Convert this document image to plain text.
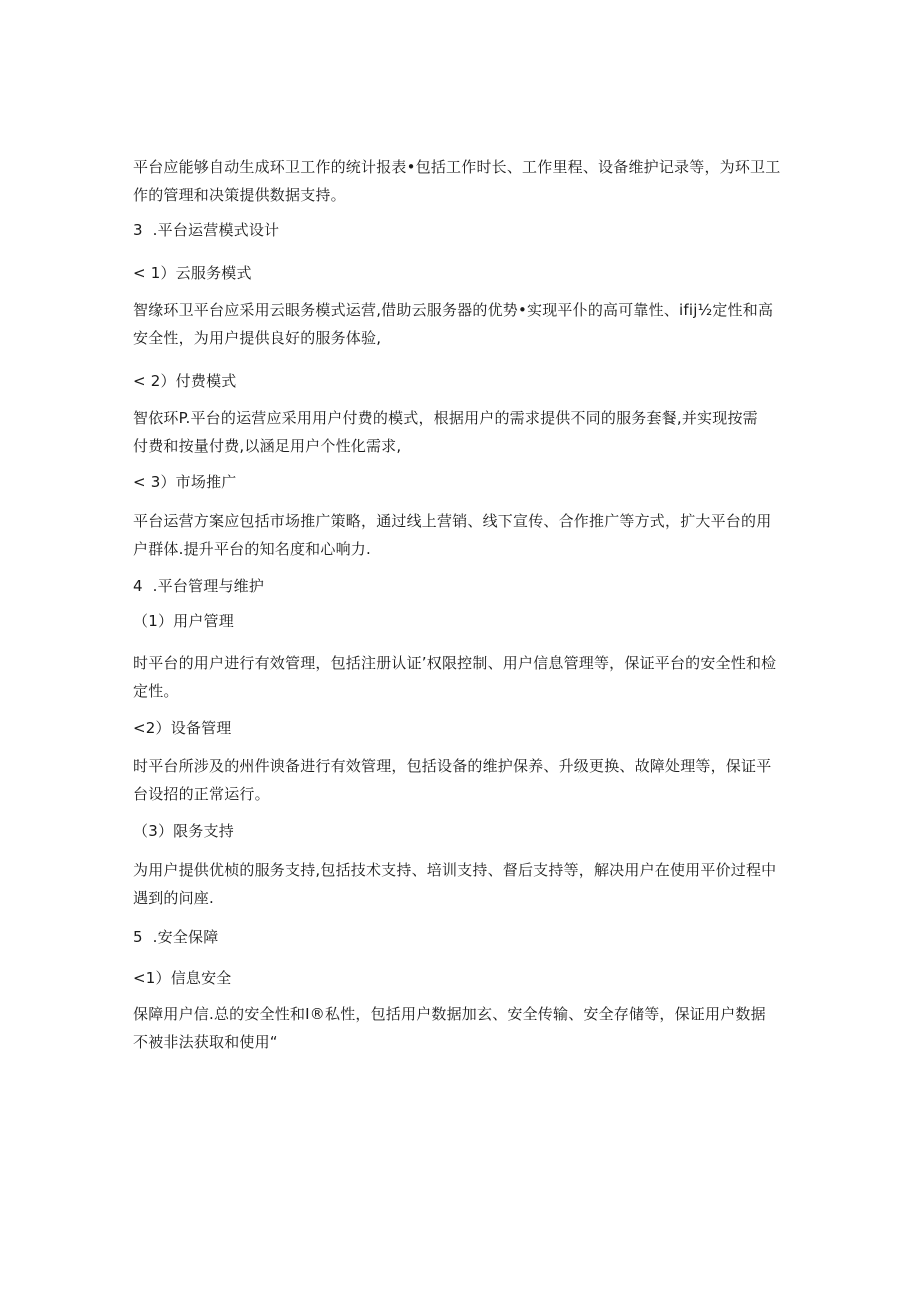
平台应能够自动生成环卫工作的统计报表•包括工作时长、工作里程、设备维护记录等，为环卫工
作的管理和决策提供数据支持。
3  .平台运营模式设计
< 1）云服务模式
智缘环卫平台应采用云眼务模式运营,借助云服务器的优势•实现平仆的高可靠性、ifij½定性和高
安全性，为用户提供良好的服务体验,
< 2）付费模式
智依环P.平台的运营应采用用户付费的模式，根据用户的需求提供不同的服务套餐,并实现按需
付费和按量付费,以涵足用户个性化需求,
< 3）市场推广
平台运营方案应包括市场推广策略，通过线上营销、线下宣传、合作推广等方式，扩大平台的用
户群体.提升平台的知名度和心响力.
4  .平台管理与维护
（1）用户管理
时平台的用户进行有效管理，包括注册认证’权限控制、用户信息管理等，保证平台的安全性和检
定性。
<2）设备管理
时平台所涉及的州件谀备进行有效管理，包括设备的维护保养、升级更换、故障处理等，保证平
台设招的正常运行。
（3）限务支持
为用户提供优桢的服务支持,包括技术支持、培训支持、督后支持等，解决用户在使用平价过程中
遇到的问座.
5  .安全保障
<1）信息安全
保障用户信.总的安全性和I®私性，包括用户数据加玄、安全传输、安全存储等，保证用户数据
不被非法获取和使用“
